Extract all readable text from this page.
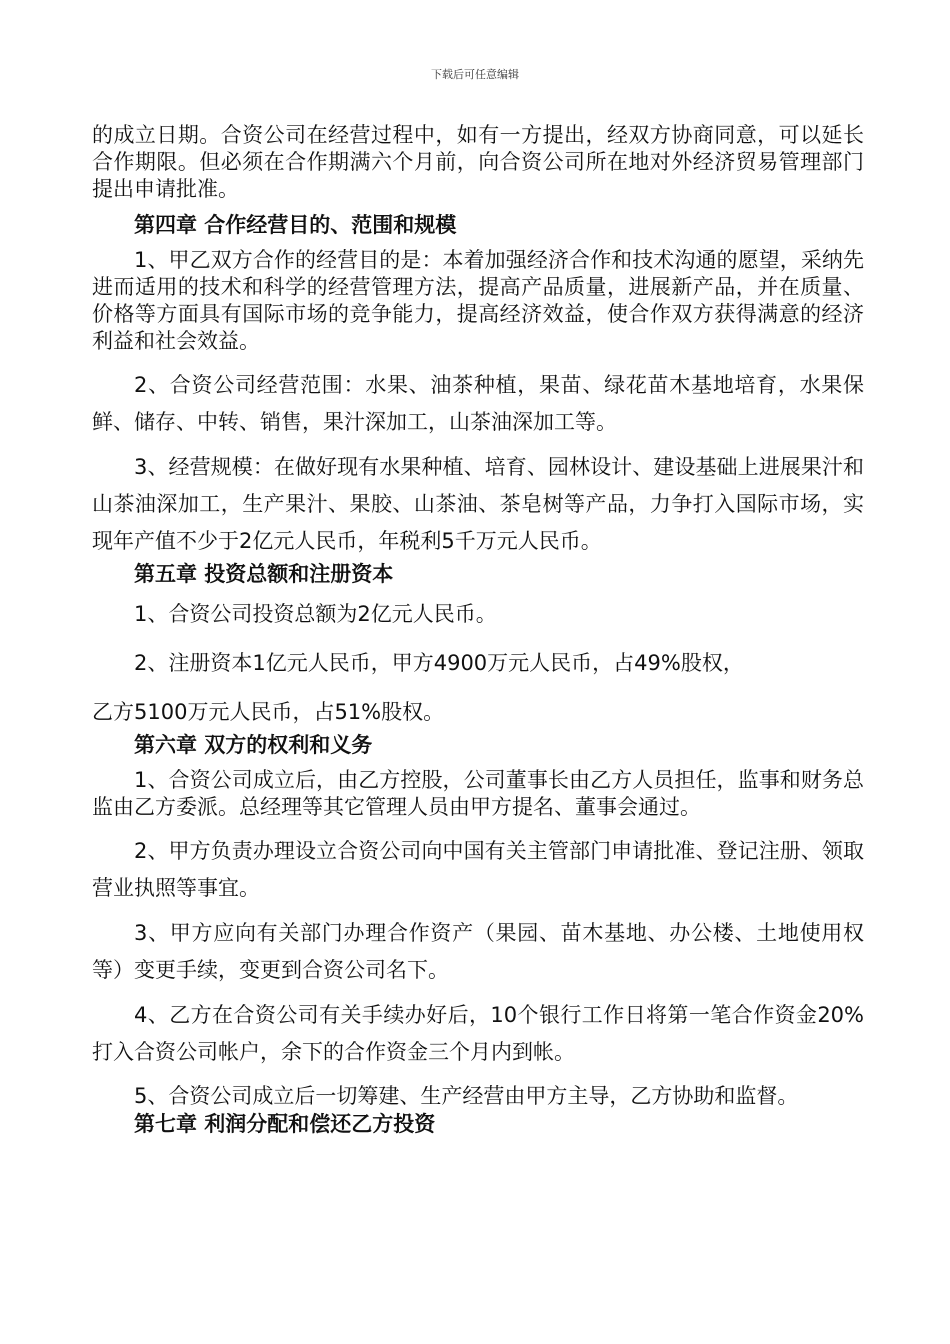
下载后可任意编辑

的成立日期。合资公司在经营过程中，如有一方提出，经双方协商同意，可以延长合作期限。但必须在合作期满六个月前，向合资公司所在地对外经济贸易管理部门提出申请批准。

第四章 合作经营目的、范围和规模

1、甲乙双方合作的经营目的是：本着加强经济合作和技术沟通的愿望，采纳先进而适用的技术和科学的经营管理方法，提高产品质量，进展新产品，并在质量、价格等方面具有国际市场的竞争能力，提高经济效益，使合作双方获得满意的经济利益和社会效益。

2、合资公司经营范围：水果、油茶种植，果苗、绿花苗木基地培育，水果保鲜、储存、中转、销售，果汁深加工，山茶油深加工等。

3、经营规模：在做好现有水果种植、培育、园林设计、建设基础上进展果汁和山茶油深加工，生产果汁、果胶、山茶油、茶皂树等产品，力争打入国际市场，实现年产值不少于2亿元人民币，年税利5千万元人民币。

第五章 投资总额和注册资本

1、合资公司投资总额为2亿元人民币。

2、注册资本1亿元人民币，甲方4900万元人民币，占49%股权，

乙方5100万元人民币，占51%股权。

第六章 双方的权利和义务

1、合资公司成立后，由乙方控股，公司董事长由乙方人员担任，监事和财务总监由乙方委派。总经理等其它管理人员由甲方提名、董事会通过。

2、甲方负责办理设立合资公司向中国有关主管部门申请批准、登记注册、领取营业执照等事宜。

3、甲方应向有关部门办理合作资产（果园、苗木基地、办公楼、土地使用权等）变更手续，变更到合资公司名下。

4、乙方在合资公司有关手续办好后，10个银行工作日将第一笔合作资金20%打入合资公司帐户，余下的合作资金三个月内到帐。

5、合资公司成立后一切筹建、生产经营由甲方主导，乙方协助和监督。

第七章 利润分配和偿还乙方投资
